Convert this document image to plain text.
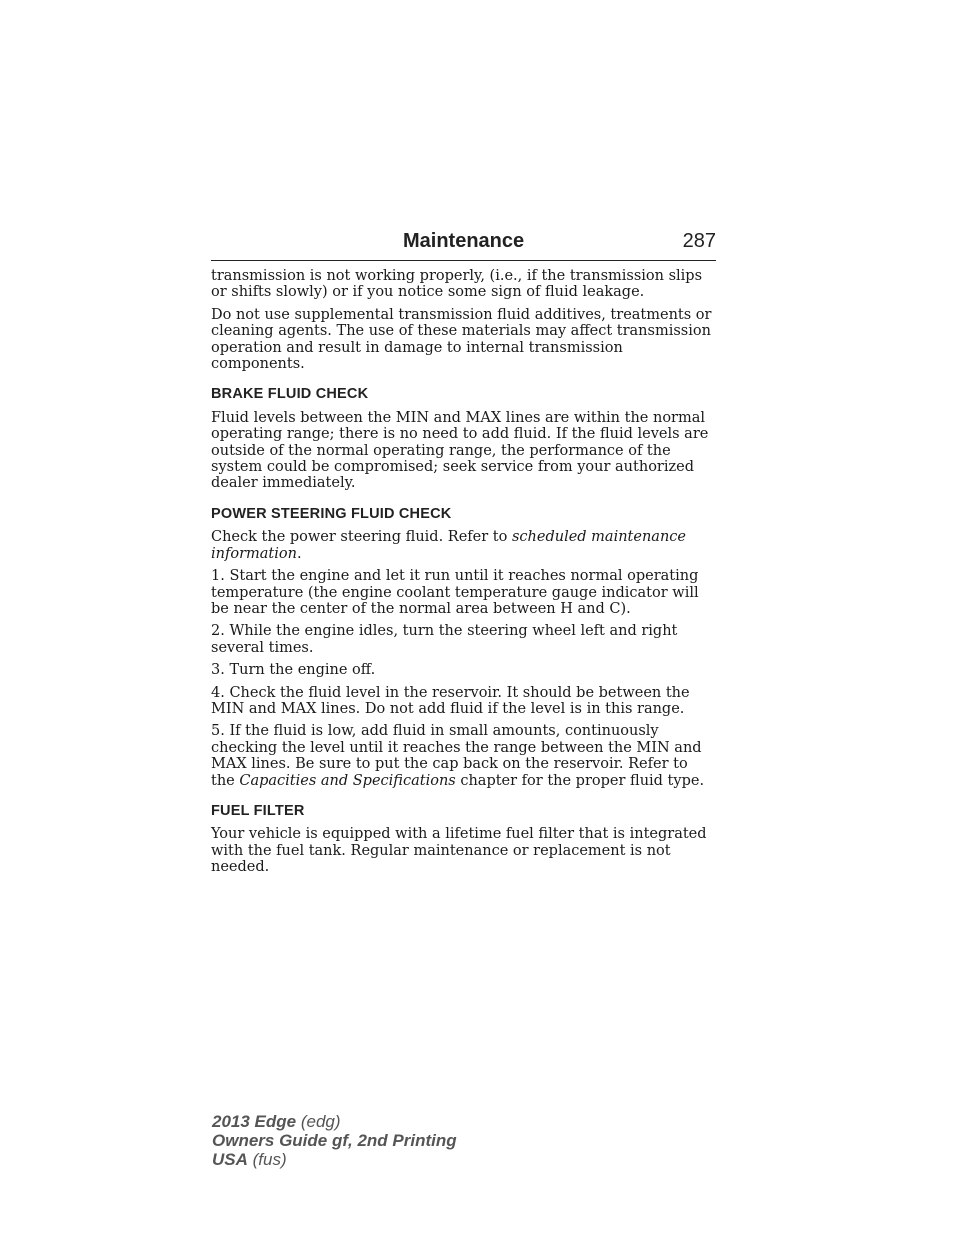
Maintenance	287

transmission is not working properly, (i.e., if the transmission slips or shifts slowly) or if you notice some sign of fluid leakage.

Do not use supplemental transmission fluid additives, treatments or cleaning agents. The use of these materials may affect transmission operation and result in damage to internal transmission components.

BRAKE FLUID CHECK

Fluid levels between the MIN and MAX lines are within the normal operating range; there is no need to add fluid. If the fluid levels are outside of the normal operating range, the performance of the system could be compromised; seek service from your authorized dealer immediately.

POWER STEERING FLUID CHECK

Check the power steering fluid. Refer to scheduled maintenance information.

1. Start the engine and let it run until it reaches normal operating temperature (the engine coolant temperature gauge indicator will be near the center of the normal area between H and C).

2. While the engine idles, turn the steering wheel left and right several times.

3. Turn the engine off.

4. Check the fluid level in the reservoir. It should be between the MIN and MAX lines. Do not add fluid if the level is in this range.

5. If the fluid is low, add fluid in small amounts, continuously checking the level until it reaches the range between the MIN and MAX lines. Be sure to put the cap back on the reservoir. Refer to the Capacities and Specifications chapter for the proper fluid type.

FUEL FILTER

Your vehicle is equipped with a lifetime fuel filter that is integrated with the fuel tank. Regular maintenance or replacement is not needed.

2013 Edge (edg)
Owners Guide gf, 2nd Printing
USA (fus)
